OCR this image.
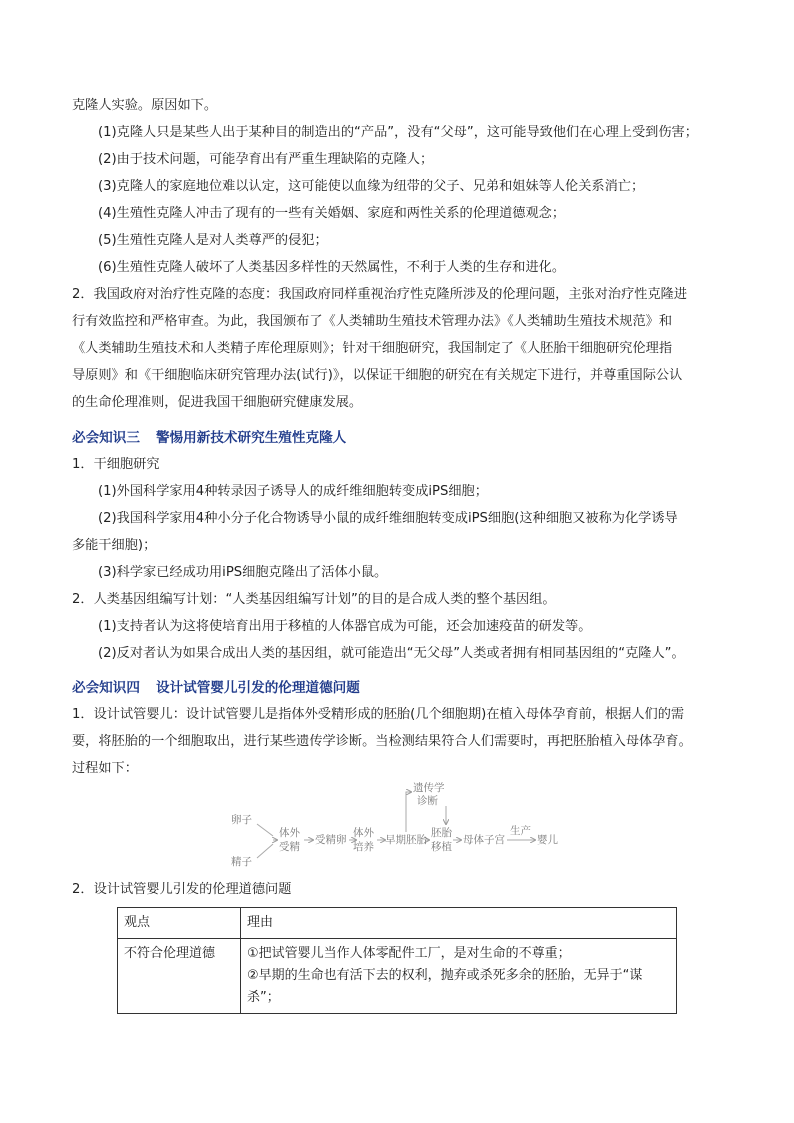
克隆人实验。原因如下。
(1)克隆人只是某些人出于某种目的制造出的“产品”，没有“父母”，这可能导致他们在心理上受到伤害；
(2)由于技术问题，可能孕育出有严重生理缺陷的克隆人；
(3)克隆人的家庭地位难以认定，这可能使以血缘为纽带的父子、兄弟和姐妹等人伦关系消亡；
(4)生殖性克隆人冲击了现有的一些有关婚姻、家庭和两性关系的伦理道德观念；
(5)生殖性克隆人是对人类尊严的侵犯；
(6)生殖性克隆人破坏了人类基因多样性的天然属性，不利于人类的生存和进化。
2．我国政府对治疗性克隆的态度：我国政府同样重视治疗性克隆所涉及的伦理问题，主张对治疗性克隆进
行有效监控和严格审查。为此，我国颁布了《人类辅助生殖技术管理办法》《人类辅助生殖技术规范》和
《人类辅助生殖技术和人类精子库伦理原则》；针对干细胞研究，我国制定了《人胚胎干细胞研究伦理指
导原则》和《干细胞临床研究管理办法(试行)》，以保证干细胞的研究在有关规定下进行，并尊重国际公认
的生命伦理准则，促进我国干细胞研究健康发展。
必会知识三 警惕用新技术研究生殖性克隆人
1．干细胞研究
(1)外国科学家用4种转录因子诱导人的成纤维细胞转变成iPS细胞；
(2)我国科学家用4种小分子化合物诱导小鼠的成纤维细胞转变成iPS细胞(这种细胞又被称为化学诱导
多能干细胞)；
(3)科学家已经成功用iPS细胞克隆出了活体小鼠。
2．人类基因组编写计划：“人类基因组编写计划”的目的是合成人类的整个基因组。
(1)支持者认为这将使培育出用于移植的人体器官成为可能，还会加速疫苗的研发等。
(2)反对者认为如果合成出人类的基因组，就可能造出“无父母”人类或者拥有相同基因组的“克隆人”。
必会知识四 设计试管婴儿引发的伦理道德问题
1．设计试管婴儿：设计试管婴儿是指体外受精形成的胚胎(几个细胞期)在植入母体孕育前，根据人们的需
要，将胚胎的一个细胞取出，进行某些遗传学诊断。当检测结果符合人们需要时，再把胚胎植入母体孕育。
过程如下：
卵子
精子
体外
受精
受精卵
体外
培养
早期胚胎
胚胎
移植
遗传学
诊断
母体子宫
生产
婴儿
2．设计试管婴儿引发的伦理道德问题
观点	理由
不符合伦理道德	①把试管婴儿当作人体零配件工厂，是对生命的不尊重；
②早期的生命也有活下去的权利，抛弃或杀死多余的胚胎，无异于“谋
杀”；
